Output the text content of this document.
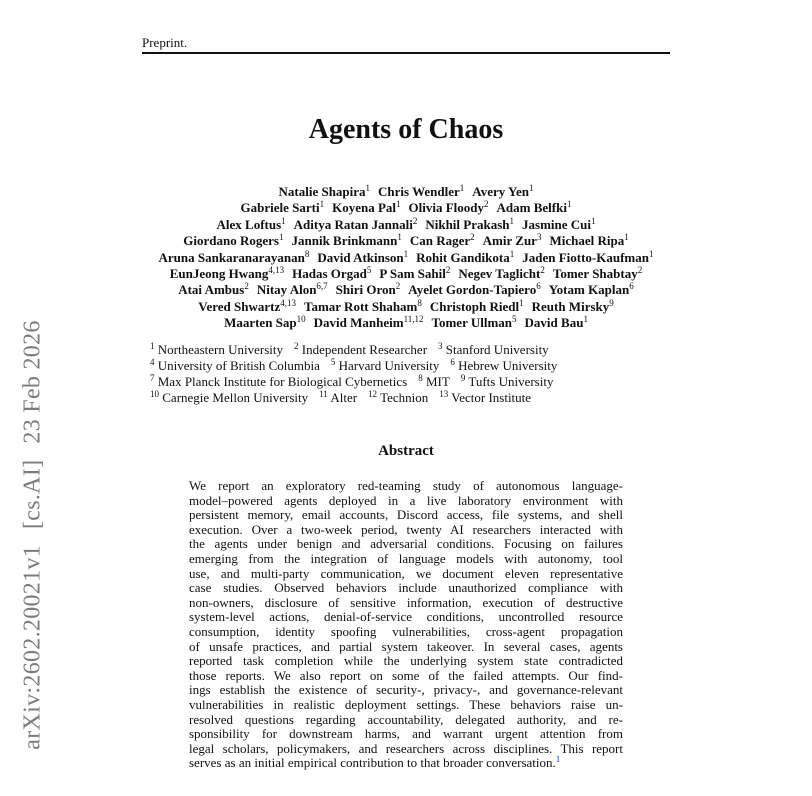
Preprint.
arXiv:2602.20021v1[cs.AI]23 Feb 2026
Agents of Chaos
Natalie Shapira$^1$ Chris Wendler$^1$ Avery Yen$^1$
Gabriele Sarti$^1$ Koyena Pal$^1$ Olivia Floody$^2$ Adam Belfki$^1$
Alex Loftus$^1$ Aditya Ratan Jannali$^2$ Nikhil Prakash$^1$ Jasmine Cui$^1$
Giordano Rogers$^1$ Jannik Brinkmann$^1$ Can Rager$^2$ Amir Zur$^3$ Michael Ripa$^1$
Aruna Sankaranarayanan$^8$ David Atkinson$^1$ Rohit Gandikota$^1$ Jaden Fiotto-Kaufman$^1$
EunJeong Hwang$^{4,13}$ Hadas Orgad$^5$ P Sam Sahil$^2$ Negev Taglicht$^2$ Tomer Shabtay$^2$
Atai Ambus$^2$ Nitay Alon$^{6,7}$ Shiri Oron$^2$ Ayelet Gordon-Tapiero$^6$ Yotam Kaplan$^6$
Vered Shwartz$^{4,13}$ Tamar Rott Shaham$^8$ Christoph Riedl$^1$ Reuth Mirsky$^9$
Maarten Sap$^{10}$ David Manheim$^{11,12}$ Tomer Ullman$^5$ David Bau$^1$
$^1$ Northeastern University $^2$ Independent Researcher $^3$ Stanford University
$^4$ University of British Columbia $^5$ Harvard University $^6$ Hebrew University
$^7$ Max Planck Institute for Biological Cybernetics $^8$ MIT $^9$ Tufts University
$^{10}$ Carnegie Mellon University $^{11}$ Alter $^{12}$ Technion $^{13}$ Vector Institute
Abstract
We report an exploratory red-teaming study of autonomous language-
model–powered agents deployed in a live laboratory environment with
persistent memory, email accounts, Discord access, file systems, and shell
execution. Over a two-week period, twenty AI researchers interacted with
the agents under benign and adversarial conditions. Focusing on failures
emerging from the integration of language models with autonomy, tool
use, and multi-party communication, we document eleven representative
case studies. Observed behaviors include unauthorized compliance with
non-owners, disclosure of sensitive information, execution of destructive
system-level actions, denial-of-service conditions, uncontrolled resource
consumption, identity spoofing vulnerabilities, cross-agent propagation
of unsafe practices, and partial system takeover. In several cases, agents
reported task completion while the underlying system state contradicted
those reports. We also report on some of the failed attempts. Our find-
ings establish the existence of security-, privacy-, and governance-relevant
vulnerabilities in realistic deployment settings. These behaviors raise un-
resolved questions regarding accountability, delegated authority, and re-
sponsibility for downstream harms, and warrant urgent attention from
legal scholars, policymakers, and researchers across disciplines. This report
serves as an initial empirical contribution to that broader conversation.$^1$
